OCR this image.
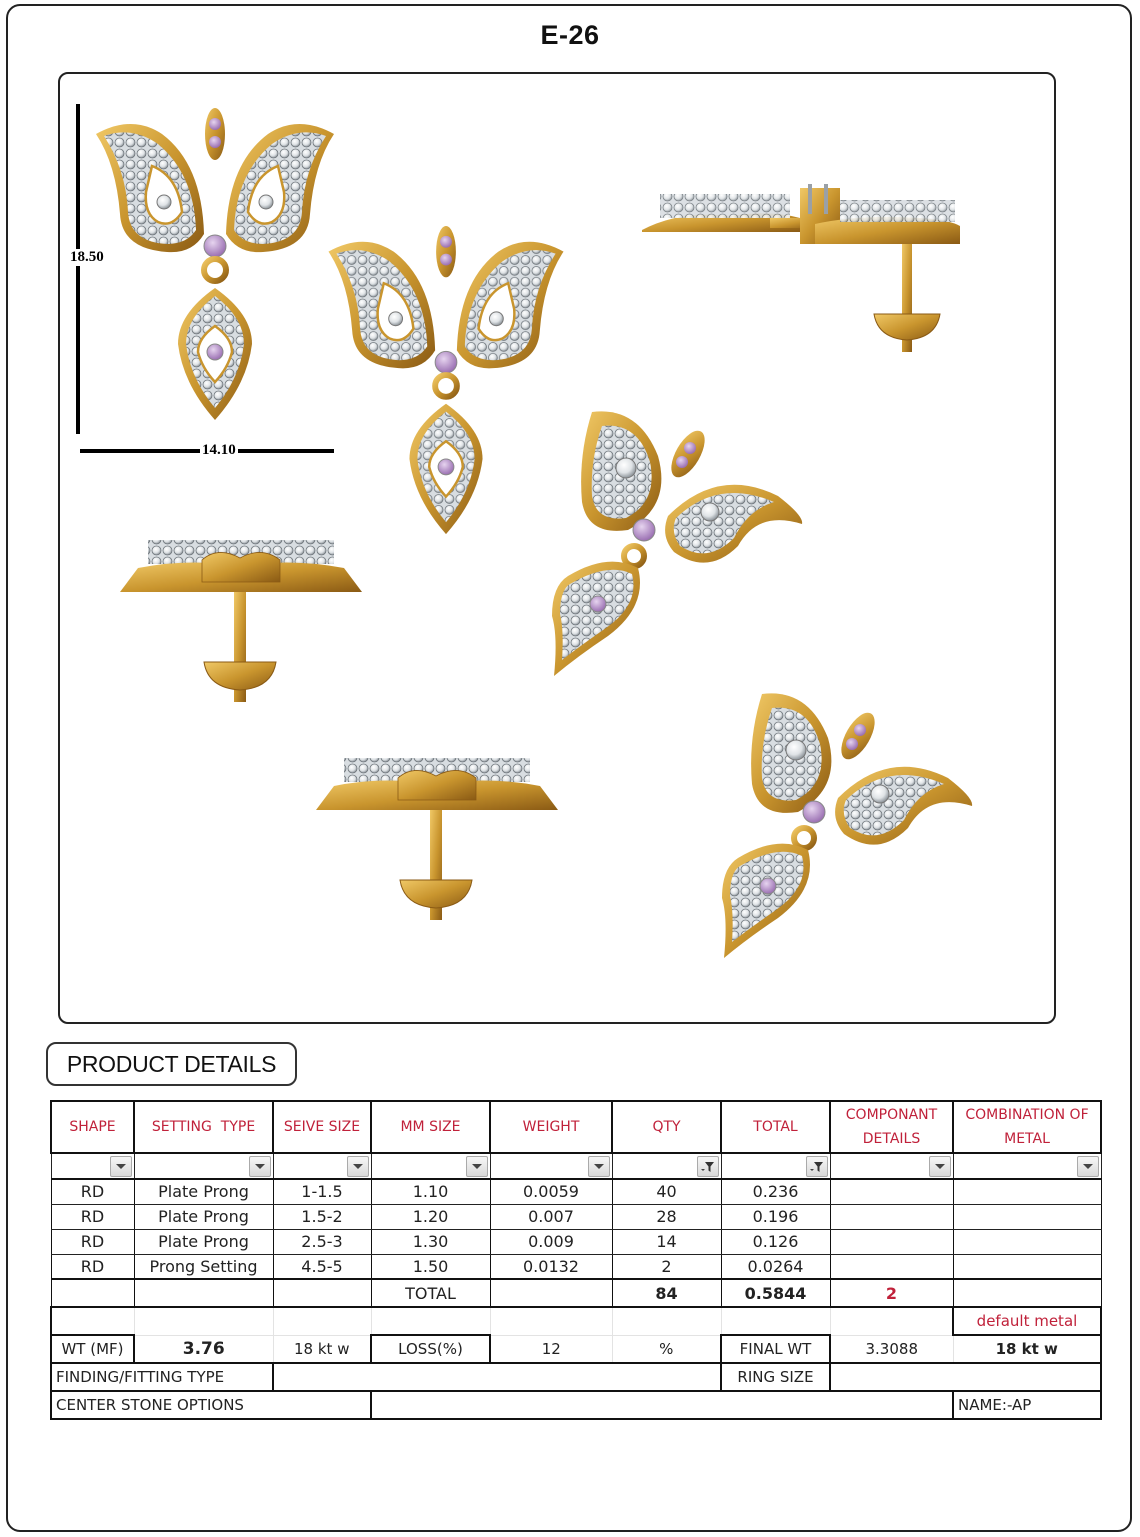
E-26
18.50
14.10
PRODUCT DETAILS
SHAPE	SETTING  TYPE	SEIVE SIZE	MM SIZE	WEIGHT	QTY	TOTAL	COMPONANT DETAILS	COMBINATION OF METAL

RD	Plate Prong	1-1.5	1.10	0.0059	40	0.236		
RD	Plate Prong	1.5-2	1.20	0.007	28	0.196		
RD	Plate Prong	2.5-3	1.30	0.009	14	0.126		
RD	Prong Setting	4.5-5	1.50	0.0132	2	0.0264		
			TOTAL		84	0.5844	2	
								default metal
WT (MF)	3.76	18 kt w	LOSS(%)	12	%	FINAL WT	3.3088	18 kt w
FINDING/FITTING TYPE						RING SIZE		
CENTER STONE OPTIONS								NAME:-AP
